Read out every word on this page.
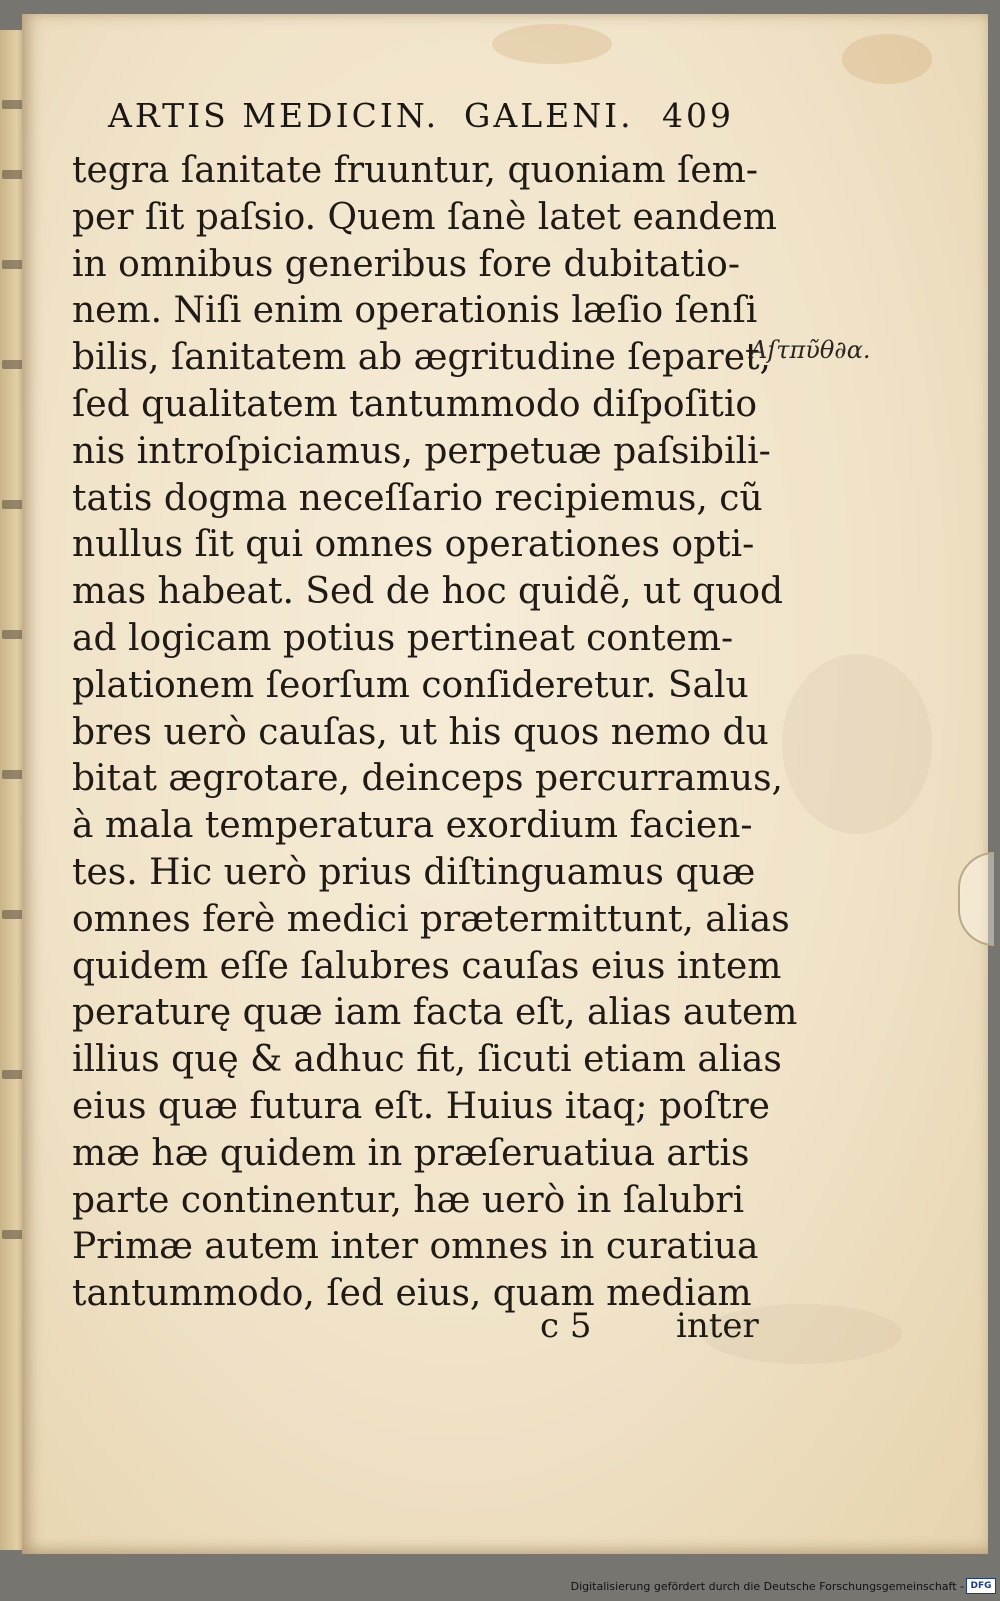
ARTIS MEDICIN. GALENI. 409
tegra ſanitate fruuntur, quoniam ſem-
per ſit paſsio. Quem ſanè latet eandem
in omnibus generibus fore dubitatio-
nem. Niſi enim operationis læſio ſenſi
bilis, ſanitatem ab ægritudine ſeparet,
ſed qualitatem tantummodo diſpoſitio
nis introſpiciamus, perpetuæ paſsibili-
tatis dogma neceſſario recipiemus, cũ
nullus ſit qui omnes operationes opti-
mas habeat. Sed de hoc quidẽ, ut quod
ad logicam potius pertineat contem-
plationem ſeorſum conſideretur. Salu
bres uerò cauſas, ut his quos nemo du
bitat ægrotare, deinceps percurramus,
à mala temperatura exordium facien-
tes. Hic uerò prius diſtinguamus quæ
omnes ferè medici prætermittunt, alias
quidem eſſe ſalubres cauſas eius intem
peraturę quæ iam facta eſt, alias autem
illius quę & adhuc fit, ſicuti etiam alias
eius quæ futura eſt. Huius itaq; poſtre
mæ hæ quidem in præſeruatiua artis
parte continentur, hæ uerò in ſalubri
Primæ autem inter omnes in curatiua
tantummodo, ſed eius, quam mediam
c 5 inter
Aſτπῦθ∂α.
Digitalisierung gefördert durch die Deutsche Forschungsgemeinschaft - DFG
